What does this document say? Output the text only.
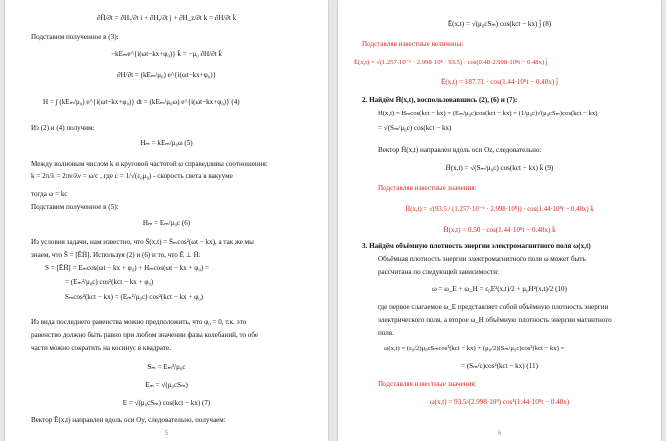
∂H̄/∂t = ∂Hₓ/∂t i + ∂Hᵧ/∂t j + ∂H_z/∂t k = ∂H/∂t k̄
Подставим полученное в (3):
−kEₘe^{i(ωt−kx+φ₀)} k̄ = −μ₀ ∂H/∂t k̄
∂H/∂t = (kEₘ/μ₀) e^{i(ωt−kx+φ₀)}
H = ∫ (kEₘ/μ₀) e^{i(ωt−kx+φ₀)} dt = (kEₘ/μ₀ω) e^{i(ωt−kx+φ₀)} (4)
Из (2) и (4) получим:
Hₘ = kEₘ/μ₀ω (5)
Между волновым числом k и круговой частотой ω справедливы соотношения:
k = 2π/λ = 2πν/λν = ω/c , где c = 1/√(ε₀μ₀) - скорость света в вакууме
тогда ω = kc
Подставим полученное в (5):
Hₘ = Eₘ/μ₀c (6)
Из условия задачи, нам известно, что S̄(x,t) = S̄ₘcos²(ωt − kx), а так же мы
знаем, что S̄ = [ĒH̄]. Используя (2) и (6) и то, что Ē ⊥ H̄:
S = [ĒH̄] = Eₘcos(ωt − kx + φ₀) + Hₘcos(ωt − kx + φ₀) =
= (Eₘ²/μ₀c) cos²(kct − kx + φ₀)
Sₘcos²(kct − kx) = (Eₘ²/μ₀c) cos²(kct − kx + φ₀)
Из вида последнего равенства можно предположить, что φ₀ = 0, т.к. это
равенство должно быть равно при любом значении фазы колебаний, то обе
части можно сократить на косинус в квадрате.
Sₘ = Eₘ²/μ₀c
Eₘ = √(μ₀cSₘ)
E = √(μ₀cSₘ) cos(kct − kx) (7)
Вектор Ē(x,t) направлен вдоль оси Oy, следовательно, получаем:
5
Ē(x,t) = √(μ₀cSₘ) cos(kct − kx) j̄ (8)
Подставляя известные величины:
Ē(x,t) = √(1.257·10⁻⁶ · 2.998·10⁸ · 93.5) · cos(0.48·2.998·10⁸t − 0.48x) j̄
Ē(x,t) = 187.71 · cos(1.44·10⁸t − 0.48x) j̄
2. Найдём H̄(x,t), воспользовавшись (2), (6) и (7):
H(x,t) = Hₘcos(kct − kx) = (Eₘ/μ₀c)cos(kct − kx) = (1/μ₀c)√(μ₀cSₘ)cos(kct − kx)
= √(Sₘ/μ₀c) cos(kct − kx)
Вектор H̄(x,t) направлен вдоль оси Oz, следовательно:
H̄(x,t) = √(Sₘ/μ₀c) cos(kct − kx) k̄ (9)
Подставляя известные значения:
H̄(x,t) = √(93.5 / (1.257·10⁻⁶ · 2.998·10⁸)) · cos(1.44·10⁸t − 0.48x) k̄
H̄(x,t) = 0.50 · cos(1.44·10⁸t − 0.48x) k̄
3. Найдём объёмную плотность энергии электромагнитного поля ω(x,t)
Объёмная плотность энергии электромагнитного поля ω может быть
рассчитана по следующей зависимости:
ω = ω_E + ω_H = ε₀E²(x,t)/2 + μ₀H²(x,t)/2 (10)
где первое слагаемое ω_E представляет собой объёмную плотность энергии
электрического поля, а второе ω_H объёмную плотность энергии магнитного
поля.
ω(x,t) = (ε₀/2)μ₀cSₘcos²(kct − kx) + (μ₀/2)(Sₘ/μ₀c)cos²(kct − kx) =
= (Sₘ/c)cos²(kct − kx) (11)
Подставляя известные значения:
ω(x,t) = 93.5/(2.998·10⁸) cos²(1.44·10⁸t − 0.48x)
6
